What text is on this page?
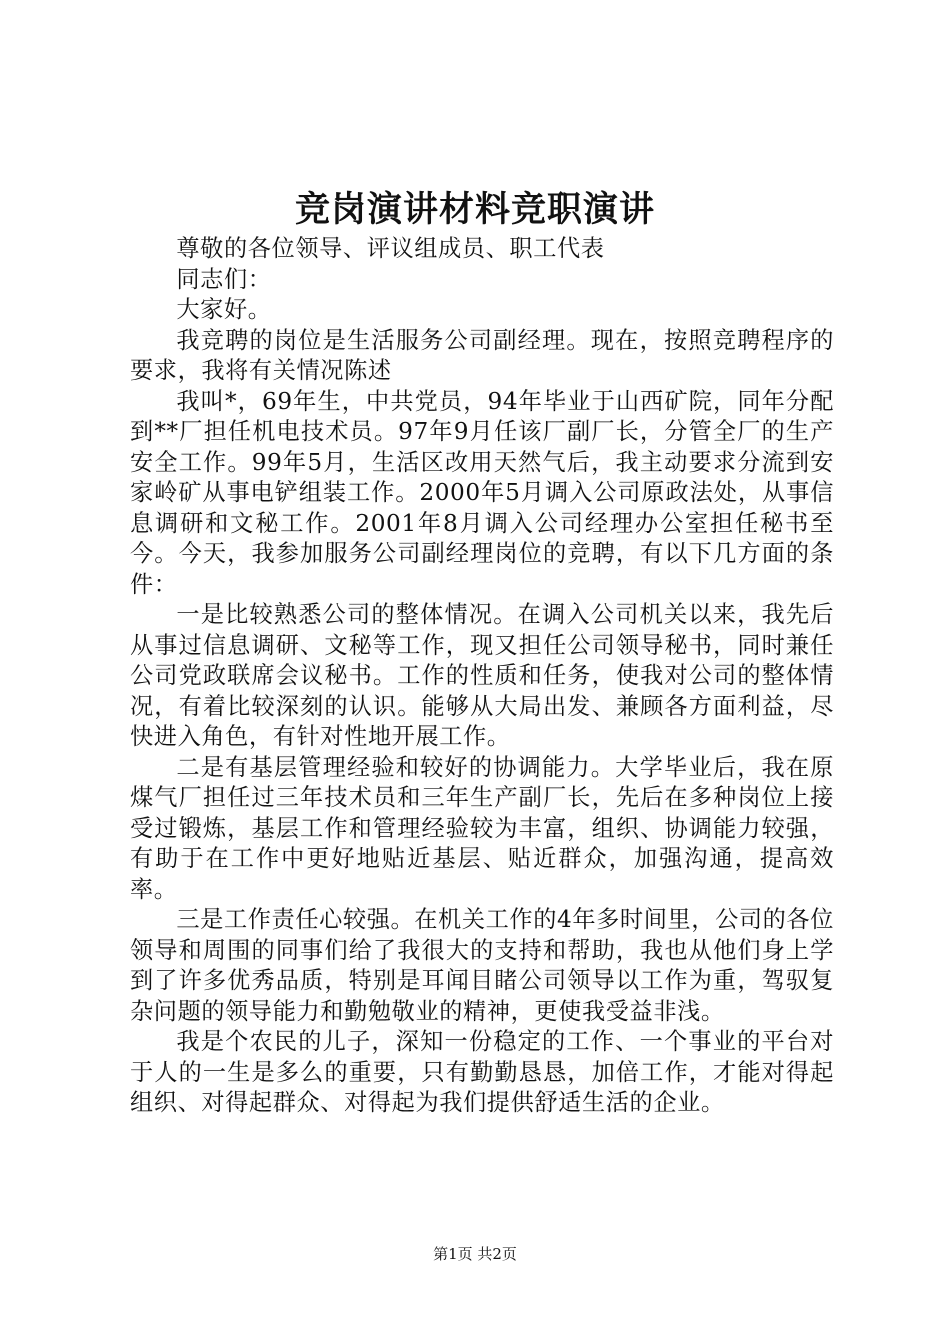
竞岗演讲材料竞职演讲

尊敬的各位领导、评议组成员、职工代表

同志们：

大家好。

我竞聘的岗位是生活服务公司副经理。现在，按照竞聘程序的要求，我将有关情况陈述

我叫*，69年生，中共党员，94年毕业于山西矿院，同年分配到**厂担任机电技术员。97年9月任该厂副厂长，分管全厂的生产安全工作。99年5月，生活区改用天然气后，我主动要求分流到安家岭矿从事电铲组装工作。2000年5月调入公司原政法处，从事信息调研和文秘工作。2001年8月调入公司经理办公室担任秘书至今。今天，我参加服务公司副经理岗位的竞聘，有以下几方面的条件：

一是比较熟悉公司的整体情况。在调入公司机关以来，我先后从事过信息调研、文秘等工作，现又担任公司领导秘书，同时兼任公司党政联席会议秘书。工作的性质和任务，使我对公司的整体情况，有着比较深刻的认识。能够从大局出发、兼顾各方面利益，尽快进入角色，有针对性地开展工作。

二是有基层管理经验和较好的协调能力。大学毕业后，我在原煤气厂担任过三年技术员和三年生产副厂长，先后在多种岗位上接受过锻炼，基层工作和管理经验较为丰富，组织、协调能力较强，有助于在工作中更好地贴近基层、贴近群众，加强沟通，提高效率。

三是工作责任心较强。在机关工作的4年多时间里，公司的各位领导和周围的同事们给了我很大的支持和帮助，我也从他们身上学到了许多优秀品质，特别是耳闻目睹公司领导以工作为重，驾驭复杂问题的领导能力和勤勉敬业的精神，更使我受益非浅。

我是个农民的儿子，深知一份稳定的工作、一个事业的平台对于人的一生是多么的重要，只有勤勤恳恳，加倍工作，才能对得起组织、对得起群众、对得起为我们提供舒适生活的企业。

第1页 共2页
